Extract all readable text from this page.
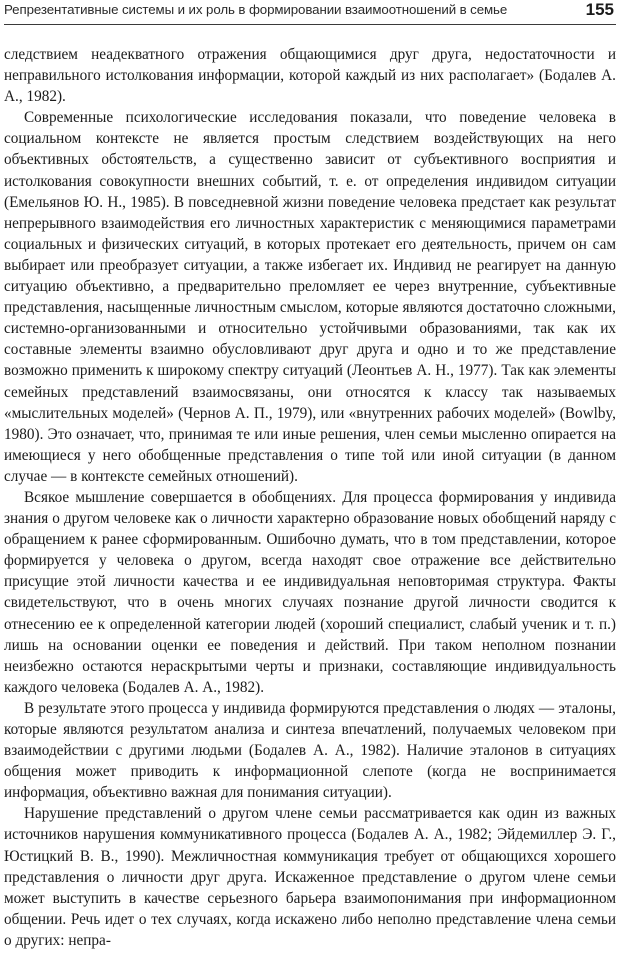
Репрезентативные системы и их роль в формировании взаимоотношений в семье	155

следствием неадекватного отражения общающимися друг друга, недостаточности и неправильного истолкования информации, которой каждый из них располагает» (Бодалев А. А., 1982).

Современные психологические исследования показали, что поведение человека в социальном контексте не является простым следствием воздействующих на него объективных обстоятельств, а существенно зависит от субъективного восприятия и истолкования совокупности внешних событий, т. е. от определения индивидом ситуации (Емельянов Ю. Н., 1985). В повседневной жизни поведение человека предстает как результат непрерывного взаимодействия его личностных характеристик с меняющимися параметрами социальных и физических ситуаций, в которых протекает его деятельность, причем он сам выбирает или преобразует ситуации, а также избегает их. Индивид не реагирует на данную ситуацию объективно, а предварительно преломляет ее через внутренние, субъективные представления, насыщенные личностным смыслом, которые являются достаточно сложными, системно-организованными и относительно устойчивыми образованиями, так как их составные элементы взаимно обусловливают друг друга и одно и то же представление возможно применить к широкому спектру ситуаций (Леонтьев А. Н., 1977). Так как элементы семейных представлений взаимосвязаны, они относятся к классу так называемых «мыслительных моделей» (Чернов А. П., 1979), или «внутренних рабочих моделей» (Bowlby, 1980). Это означает, что, принимая те или иные решения, член семьи мысленно опирается на имеющиеся у него обобщенные представления о типе той или иной ситуации (в данном случае — в контексте семейных отношений).

Всякое мышление совершается в обобщениях. Для процесса формирования у индивида знания о другом человеке как о личности характерно образование новых обобщений наряду с обращением к ранее сформированным. Ошибочно думать, что в том представлении, которое формируется у человека о другом, всегда находят свое отражение все действительно присущие этой личности качества и ее индивидуальная неповторимая структура. Факты свидетельствуют, что в очень многих случаях познание другой личности сводится к отнесению ее к определенной категории людей (хороший специалист, слабый ученик и т. п.) лишь на основании оценки ее поведения и действий. При таком неполном познании неизбежно остаются нераскрытыми черты и признаки, составляющие индивидуальность каждого человека (Бодалев А. А., 1982).

В результате этого процесса у индивида формируются представления о людях — эталоны, которые являются результатом анализа и синтеза впечатлений, получаемых человеком при взаимодействии с другими людьми (Бодалев А. А., 1982). Наличие эталонов в ситуациях общения может приводить к информационной слепоте (когда не воспринимается информация, объективно важная для понимания ситуации).

Нарушение представлений о другом члене семьи рассматривается как один из важных источников нарушения коммуникативного процесса (Бодалев А. А., 1982; Эйдемиллер Э. Г., Юстицкий В. В., 1990). Межличностная коммуникация требует от общающихся хорошего представления о личности друг друга. Искаженное представление о другом члене семьи может выступить в качестве серьезного барьера взаимопонимания при информационном общении. Речь идет о тех случаях, когда искажено либо неполно представление члена семьи о других: непра-
